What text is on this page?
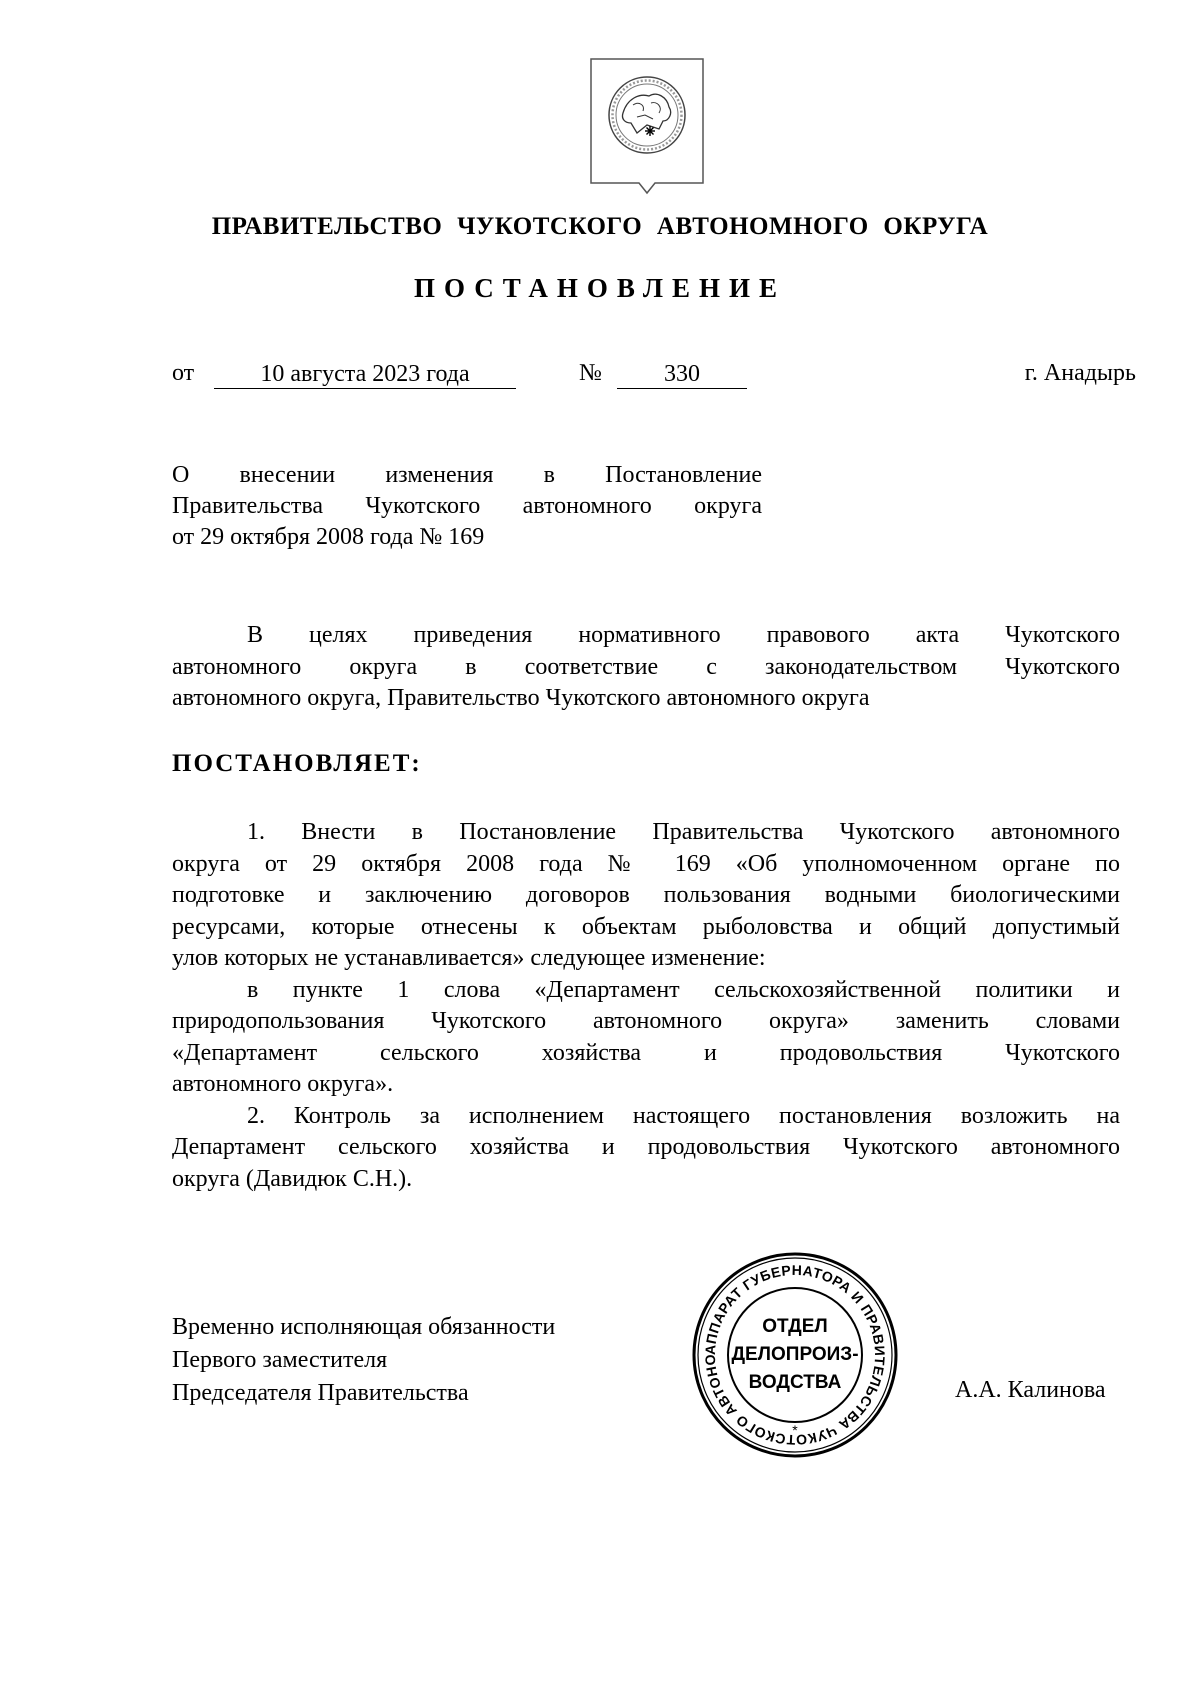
ПРАВИТЕЛЬСТВО ЧУКОТСКОГО АВТОНОМНОГО ОКРУГА
ПОСТАНОВЛЕНИЕ
от	10 августа 2023 года	№	330	г. Анадырь
О внесении изменения в Постановление
Правительства Чукотского автономного округа
от 29 октября 2008 года № 169
В целях приведения нормативного правового акта Чукотского
автономного округа в соответствие с законодательством Чукотского
автономного округа, Правительство Чукотского автономного округа
ПОСТАНОВЛЯЕТ:
1. Внести в Постановление Правительства Чукотского автономного
округа от 29 октября 2008 года № 169 «Об уполномоченном органе по
подготовке и заключению договоров пользования водными биологическими
ресурсами, которые отнесены к объектам рыболовства и общий допустимый
улов которых не устанавливается» следующее изменение:
в пункте 1 слова «Департамент сельскохозяйственной политики и
природопользования Чукотского автономного округа» заменить словами
«Департамент сельского хозяйства и продовольствия Чукотского
автономного округа».
2. Контроль за исполнением настоящего постановления возложить на
Департамент сельского хозяйства и продовольствия Чукотского автономного
округа (Давидюк С.Н.).
Временно исполняющая обязанности
Первого заместителя
Председателя Правительства	А.А. Калинова
АППАРАТ ГУБЕРНАТОРА И ПРАВИТЕЛЬСТВА ЧУКОТСКОГО АВТОНО
*
ОТДЕЛ
ДЕЛОПРОИЗ-
ВОДСТВА
